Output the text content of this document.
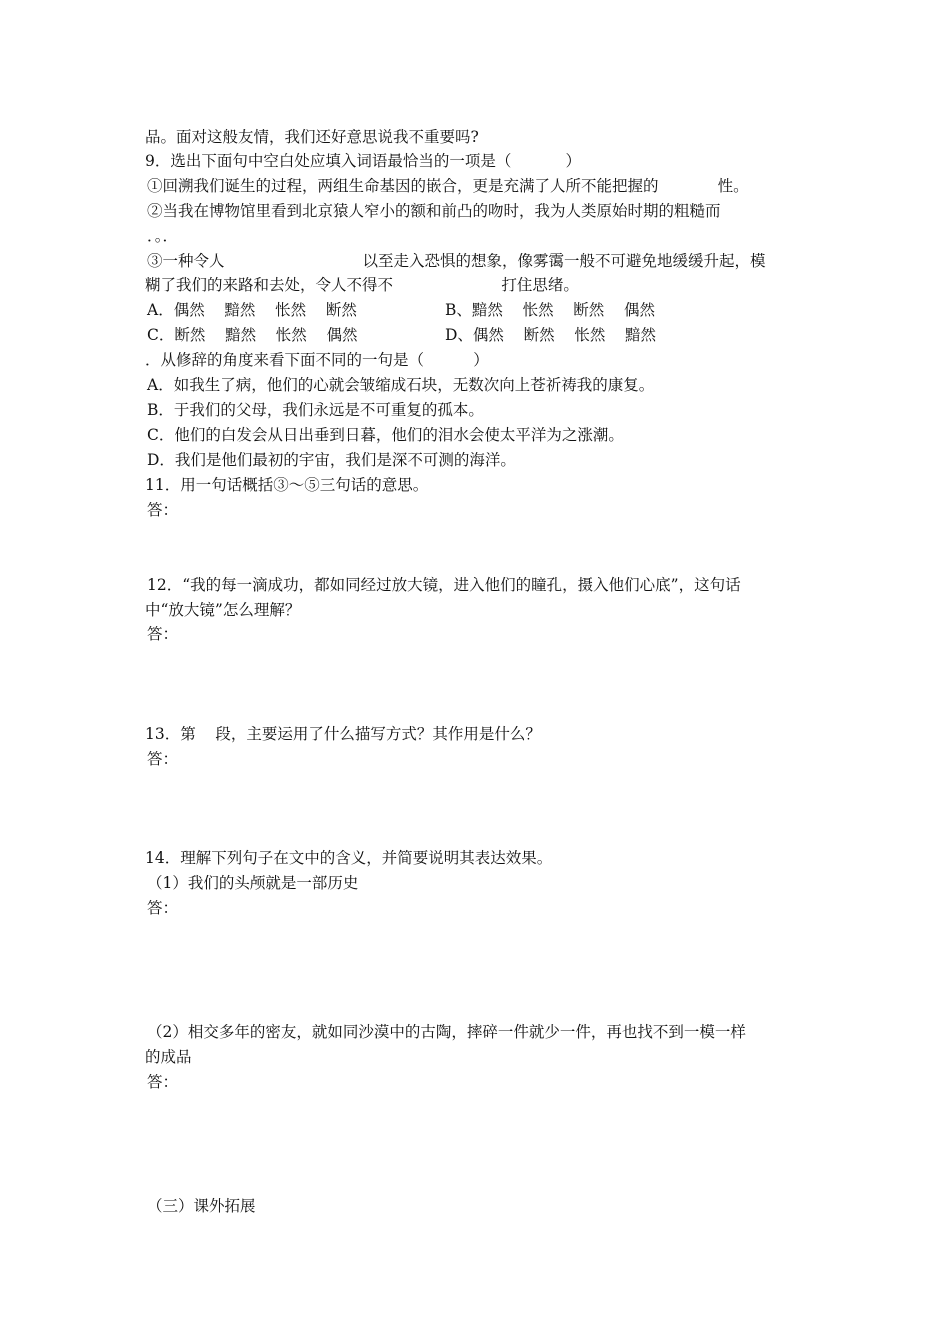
品。面对这般友情，我们还好意思说我不重要吗?
9．选出下面句中空白处应填入词语最恰当的一项是（           ）
①回溯我们诞生的过程，两组生命基因的嵌合，更是充满了人所不能把握的            性。
②当我在博物馆里看到北京猿人窄小的额和前凸的吻时，我为人类原始时期的粗糙而
．。．
③一种令人                            以至走入恐惧的想象，像雾霭一般不可避免地缓缓升起，模
糊了我们的来路和去处，令人不得不                      打住思绪。
A．偶然    黯然    怅然    断然	B、黯然    怅然    断然    偶然
C．断然    黯然    怅然    偶然	D、偶然    断然    怅然    黯然
．从修辞的角度来看下面不同的一句是（          ）
A．如我生了病，他们的心就会皱缩成石块，无数次向上苍祈祷我的康复。
B．于我们的父母，我们永远是不可重复的孤本。
C．他们的白发会从日出垂到日暮，他们的泪水会使太平洋为之涨潮。
D．我们是他们最初的宇宙，我们是深不可测的海洋。
11．用一句话概括③～⑤三句话的意思。
答：
12．“我的每一滴成功，都如同经过放大镜，进入他们的瞳孔，摄入他们心底”，这句话
中“放大镜”怎么理解？
答：
13．第    段，主要运用了什么描写方式？其作用是什么？
答：
14．理解下列句子在文中的含义，并简要说明其表达效果。
（1）我们的头颅就是一部历史
答：
（2）相交多年的密友，就如同沙漠中的古陶，摔碎一件就少一件，再也找不到一模一样
的成品
答：
（三）课外拓展
